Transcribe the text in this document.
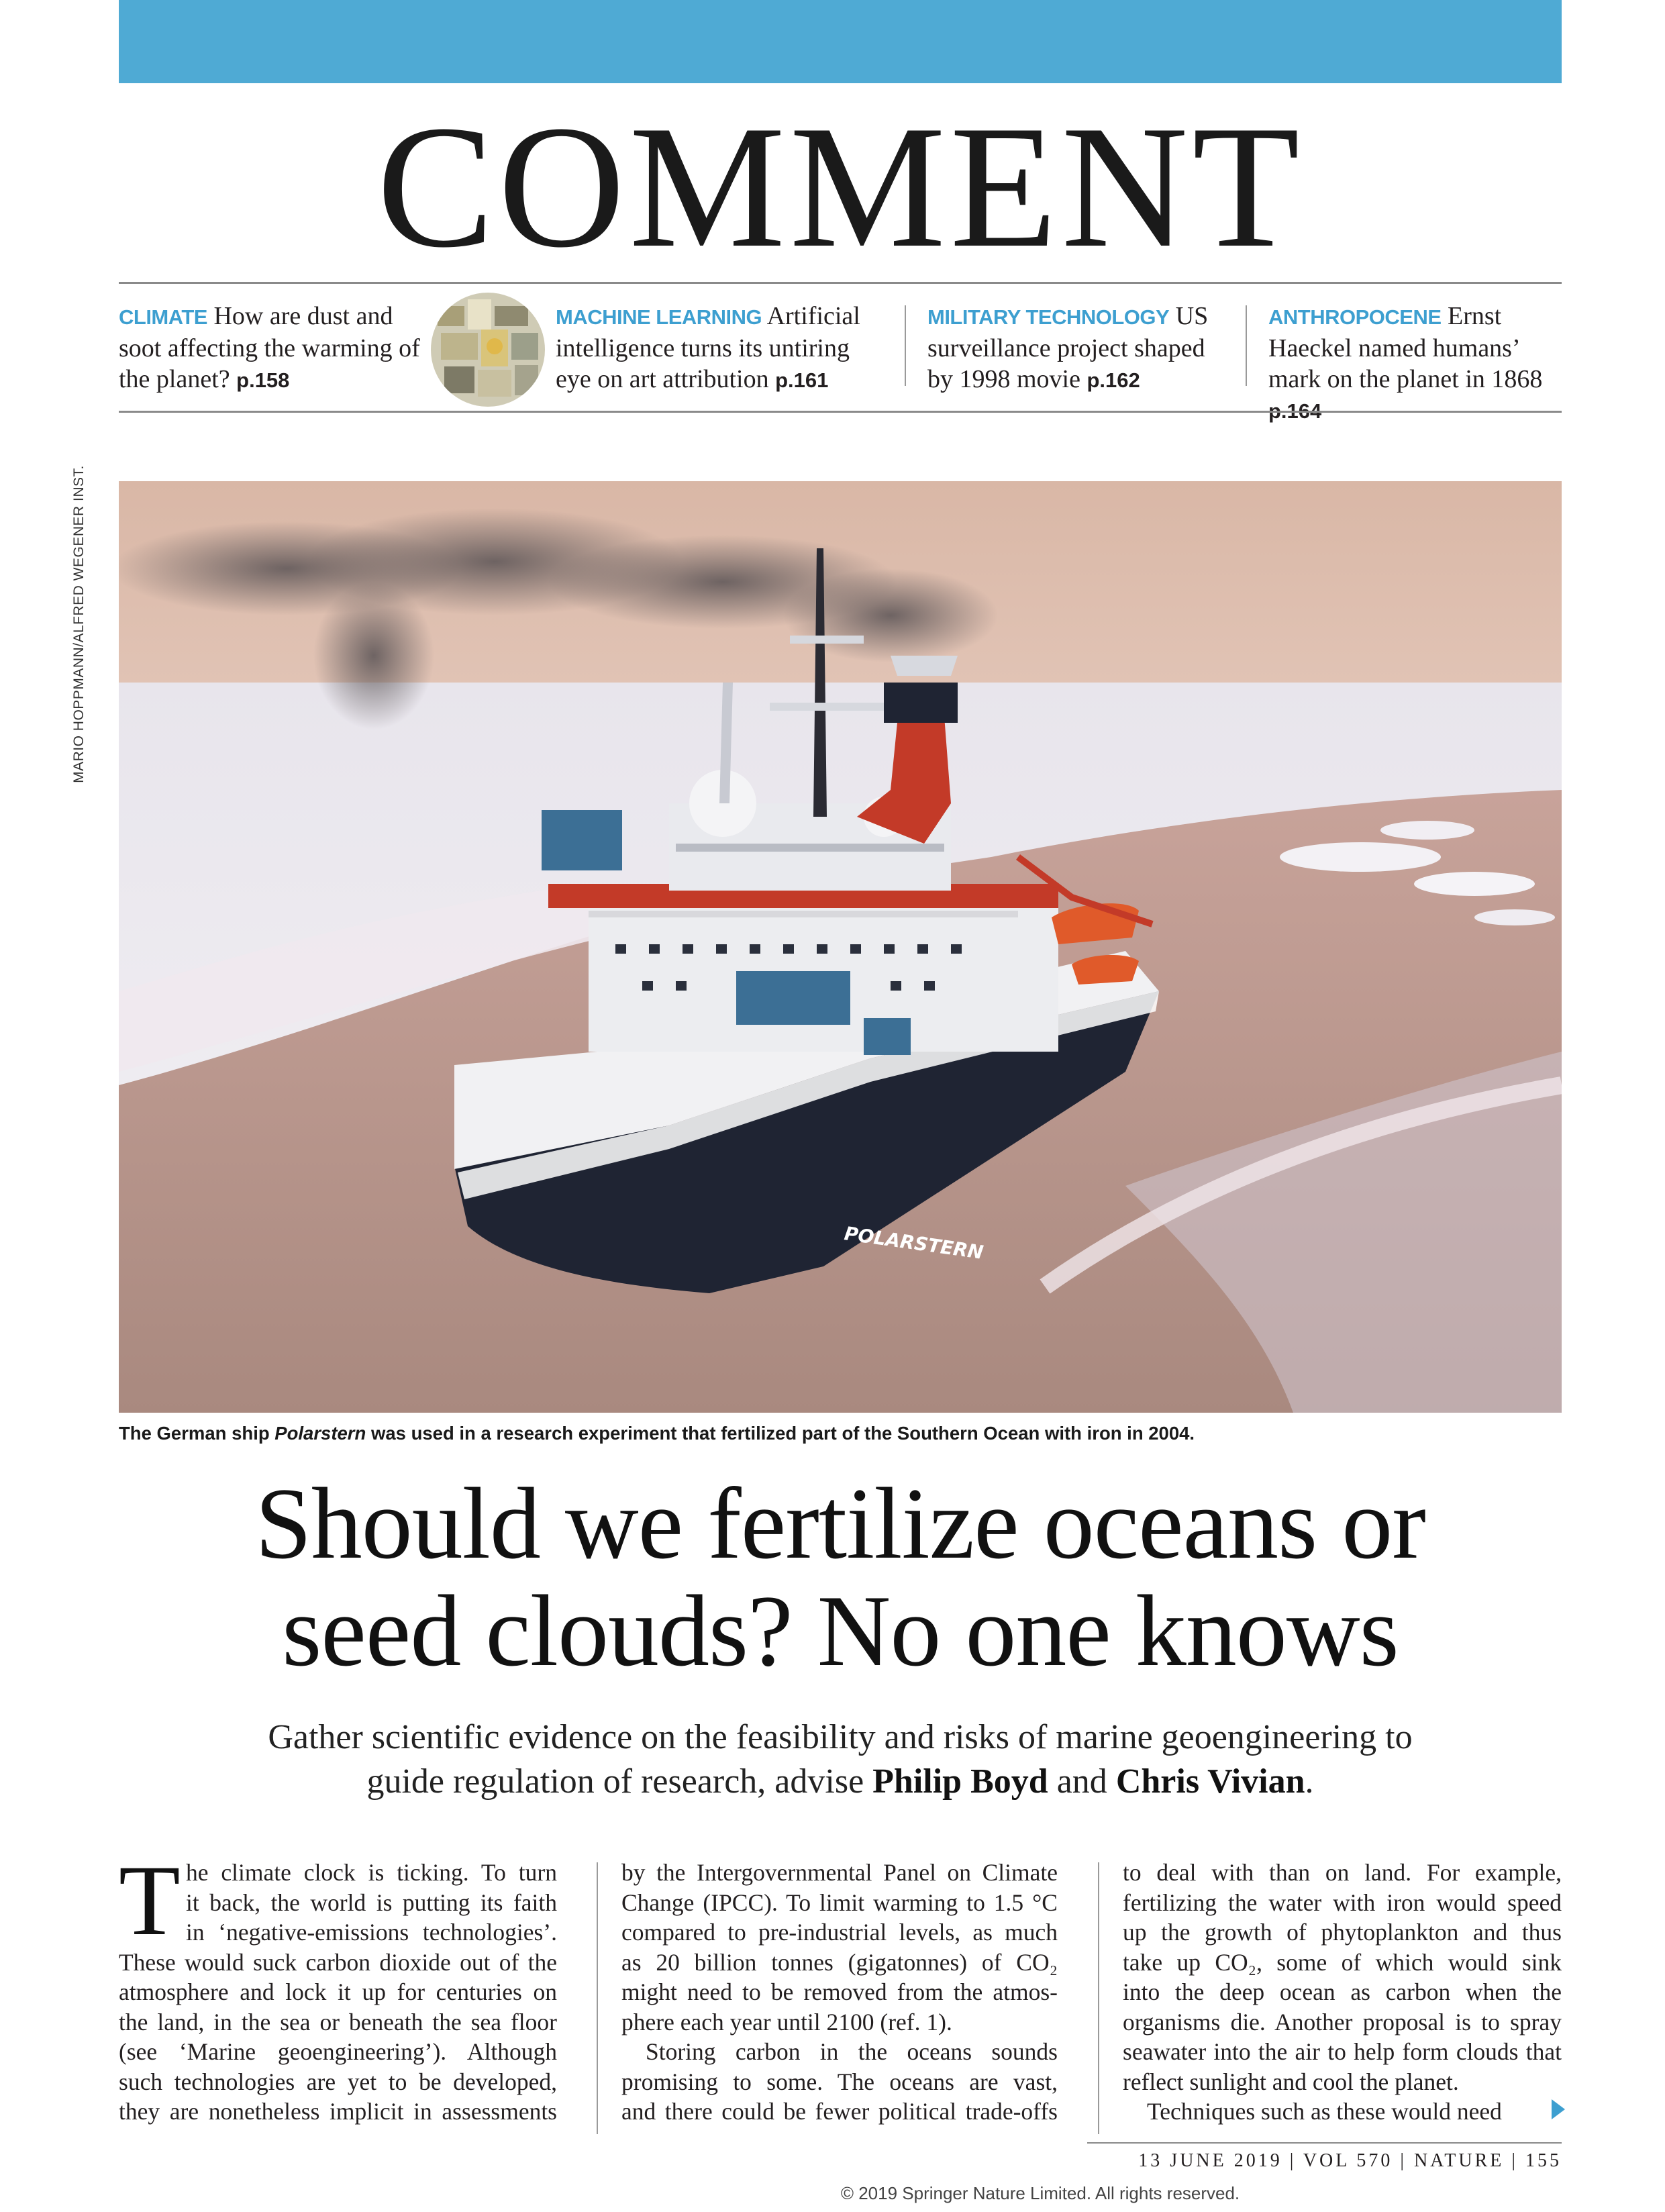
COMMENT
CLIMATE How are dust and soot affecting the warming of the planet? p.158
MACHINE LEARNING Artificial intelligence turns its untiring eye on art attribution p.161
MILITARY TECHNOLOGY US surveillance project shaped by 1998 movie p.162
ANTHROPOCENE Ernst Haeckel named humans’ mark on the planet in 1868 p.164
MARIO HOPPMANN/ALFRED WEGENER INST.
POLARSTERN
The German ship Polarstern was used in a research experiment that fertilized part of the Southern Ocean with iron in 2004.
Should we fertilize oceans or
seed clouds? No one knows
Gather scientific evidence on the feasibility and risks of marine geoengineering to
guide regulation of research, advise Philip Boyd and Chris Vivian.
T he climate clock is ticking. To turn
it back, the world is putting its faith
in ‘negative-emissions technologies’.
These would suck carbon dioxide out of the
atmosphere and lock it up for centuries on
the land, in the sea or beneath the sea floor
(see ‘Marine geoengineering’). Although
such technologies are yet to be developed,
they are nonetheless implicit in assessments
by the Intergovernmental Panel on Climate
Change (IPCC). To limit warming to 1.5 °C
compared to pre-industrial levels, as much
as 20 billion tonnes (gigatonnes) of CO₂
might need to be removed from the atmos-
phere each year until 2100 (ref. 1).
Storing carbon in the oceans sounds
promising to some. The oceans are vast,
and there could be fewer political trade-offs
to deal with than on land. For example,
fertilizing the water with iron would speed
up the growth of phytoplankton and thus
take up CO₂, some of which would sink
into the deep ocean as carbon when the
organisms die. Another proposal is to spray
seawater into the air to help form clouds that
reflect sunlight and cool the planet.
Techniques such as these would need
13 JUNE 2019 | VOL 570 | NATURE | 155
© 2019 Springer Nature Limited. All rights reserved.
